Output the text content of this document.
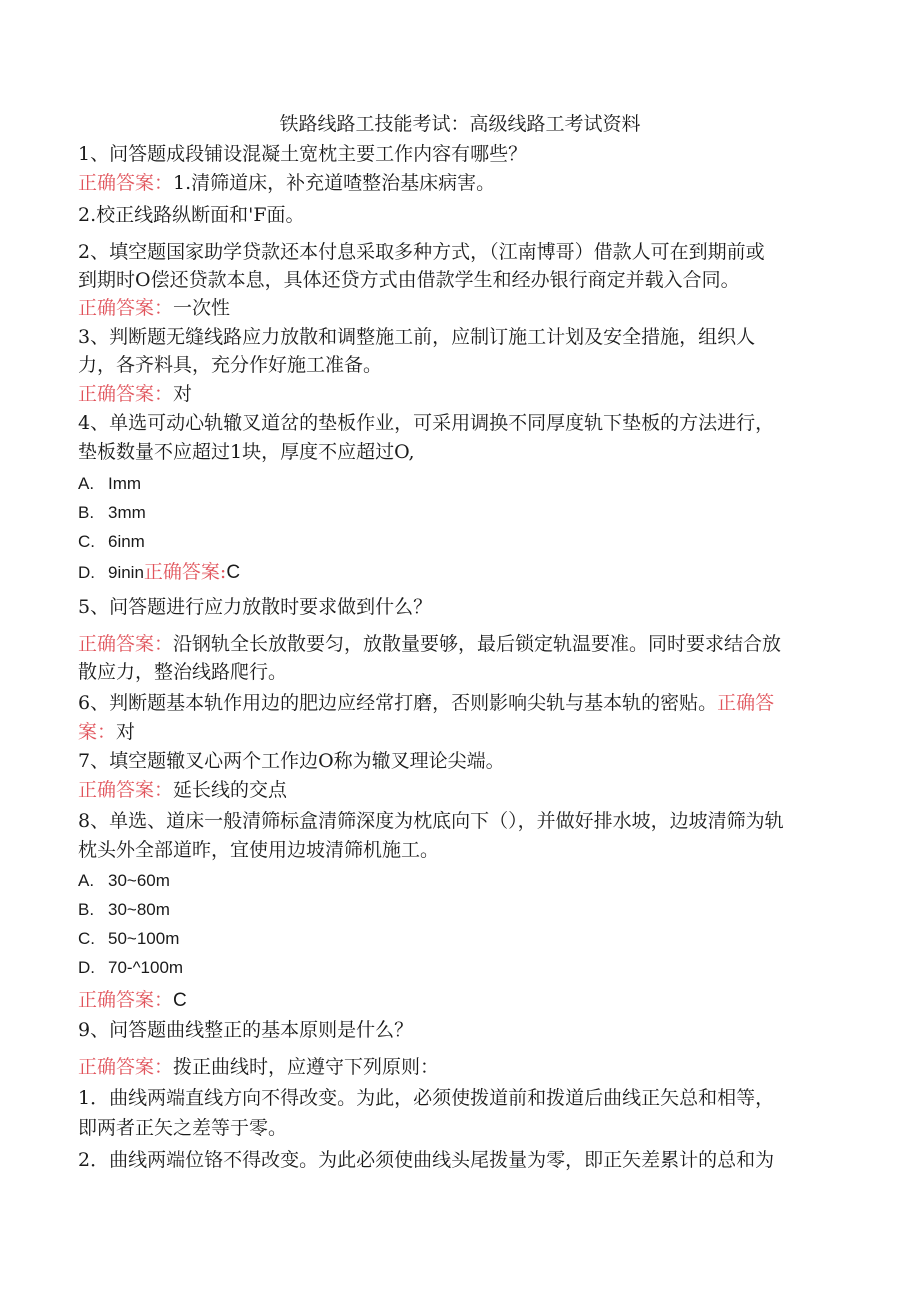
铁路线路工技能考试：高级线路工考试资料
1、问答题成段铺设混凝土宽枕主要工作内容有哪些？
正确答案：1.清筛道床，补充道喳整治基床病害。
2.校正线路纵断面和'F面。
2、填空题国家助学贷款还本付息采取多种方式，（江南博哥）借款人可在到期前或
到期时O偿还贷款本息，具体还贷方式由借款学生和经办银行商定并载入合同。
正确答案：一次性
3、判断题无缝线路应力放散和调整施工前，应制订施工计划及安全措施，组织人
力，各齐料具，充分作好施工准备。
正确答案：对
4、单选可动心轨辙叉道岔的垫板作业，可采用调换不同厚度轨下垫板的方法进行，
垫板数量不应超过1块，厚度不应超过O,
A. Imm
B. 3mm
C. 6inm
D. 9inin正确答案:C
5、问答题进行应力放散时要求做到什么？
正确答案：沿钢轨全长放散要匀，放散量要够，最后锁定轨温要准。同时要求结合放
散应力，整治线路爬行。
6、判断题基本轨作用边的肥边应经常打磨，否则影响尖轨与基本轨的密贴。正确答
案：对
7、填空题辙叉心两个工作边O称为辙叉理论尖端。
正确答案：延长线的交点
8、单选、道床一般清筛标盒清筛深度为枕底向下（），并做好排水坡，边坡清筛为轨
枕头外全部道昨，宜使用边坡清筛机施工。
A. 30~60m
B. 30~80m
C. 50~100m
D. 70-^100m
正确答案：C
9、问答题曲线整正的基本原则是什么？
正确答案：拨正曲线时，应遵守下列原则：
1．曲线两端直线方向不得改变。为此，必须使拨道前和拨道后曲线正矢总和相等，
即两者正矢之差等于零。
2．曲线两端位铬不得改变。为此必须使曲线头尾拨量为零，即正矢差累计的总和为
